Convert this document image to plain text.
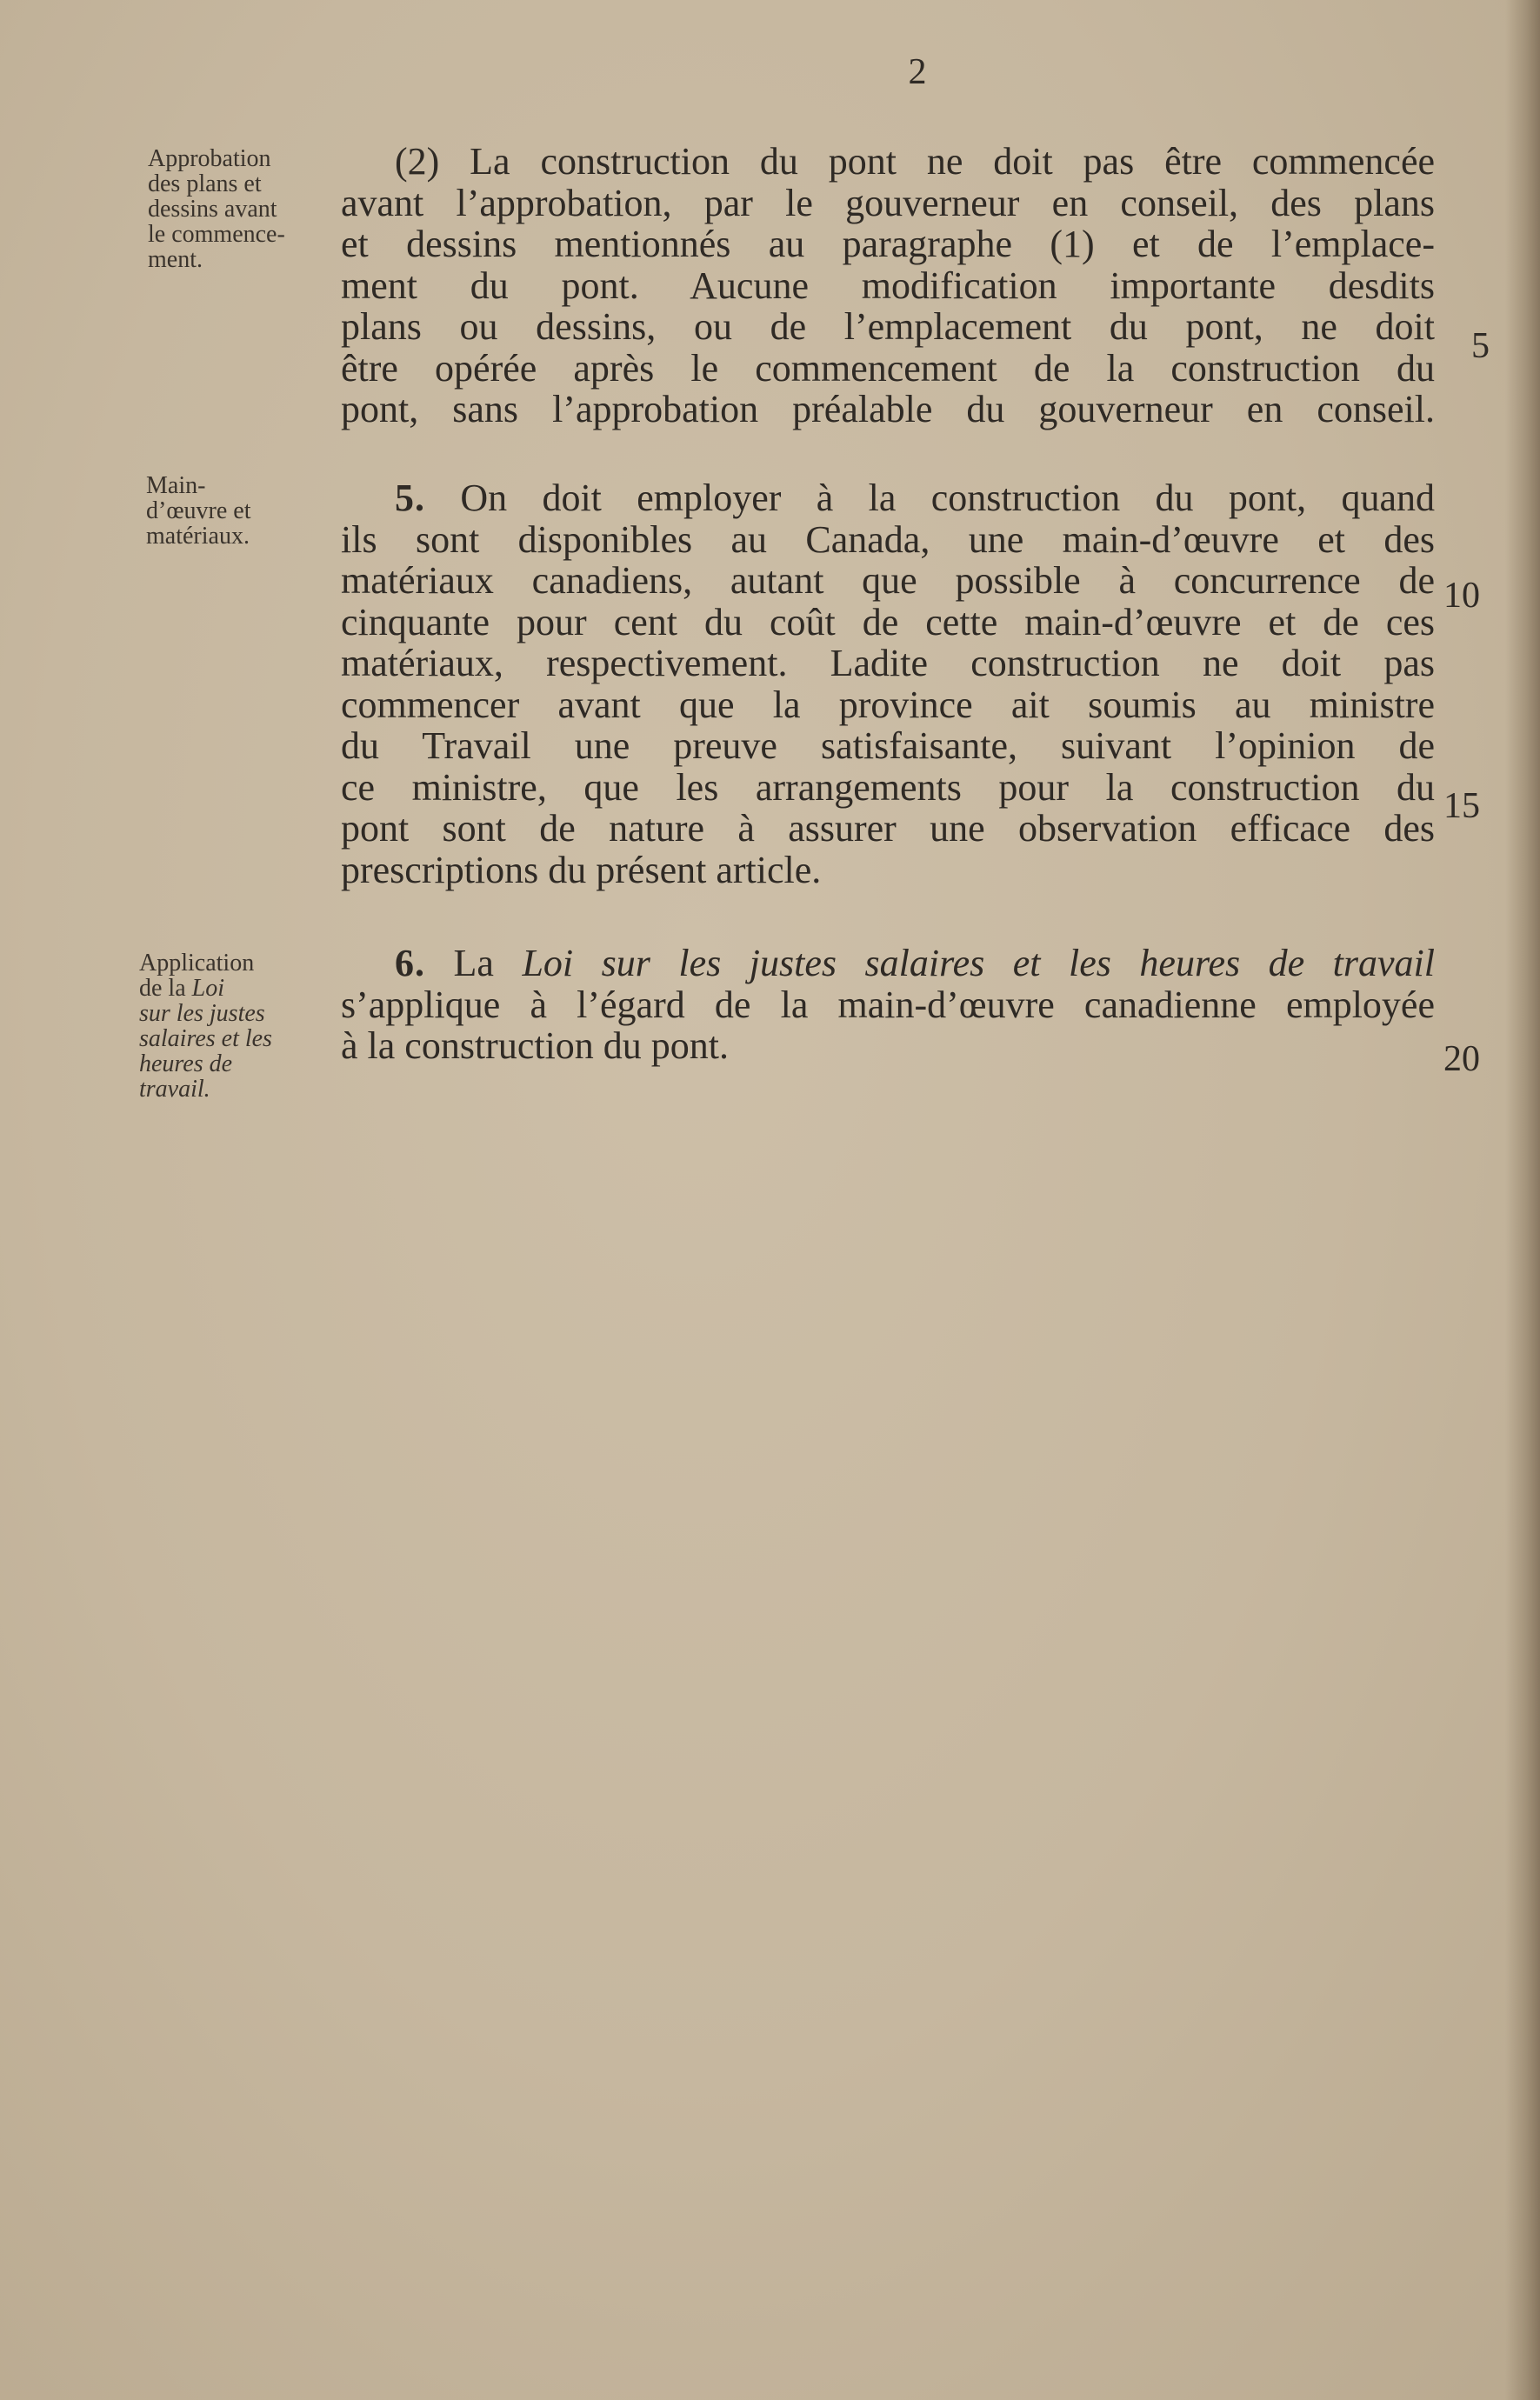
2
Approbation
des plans et
dessins avant
le commence-
ment.
Main-
d’œuvre et
matériaux.
Application
de la Loi
sur les justes
salaires et les
heures de
travail.
(2) La construction du pont ne doit pas être commencée
avant l’approbation, par le gouverneur en conseil, des plans
et dessins mentionnés au paragraphe (1) et de l’emplace-
ment du pont. Aucune modification importante desdits
plans ou dessins, ou de l’emplacement du pont, ne doit
être opérée après le commencement de la construction du
pont, sans l’approbation préalable du gouverneur en conseil.
5. On doit employer à la construction du pont, quand
ils sont disponibles au Canada, une main-d’œuvre et des
matériaux canadiens, autant que possible à concurrence de
cinquante pour cent du coût de cette main-d’œuvre et de ces
matériaux, respectivement. Ladite construction ne doit pas
commencer avant que la province ait soumis au ministre
du Travail une preuve satisfaisante, suivant l’opinion de
ce ministre, que les arrangements pour la construction du
pont sont de nature à assurer une observation efficace des
prescriptions du présent article.
6. La Loi sur les justes salaires et les heures de travail
s’applique à l’égard de la main-d’œuvre canadienne employée
à la construction du pont.
5
10
15
20
